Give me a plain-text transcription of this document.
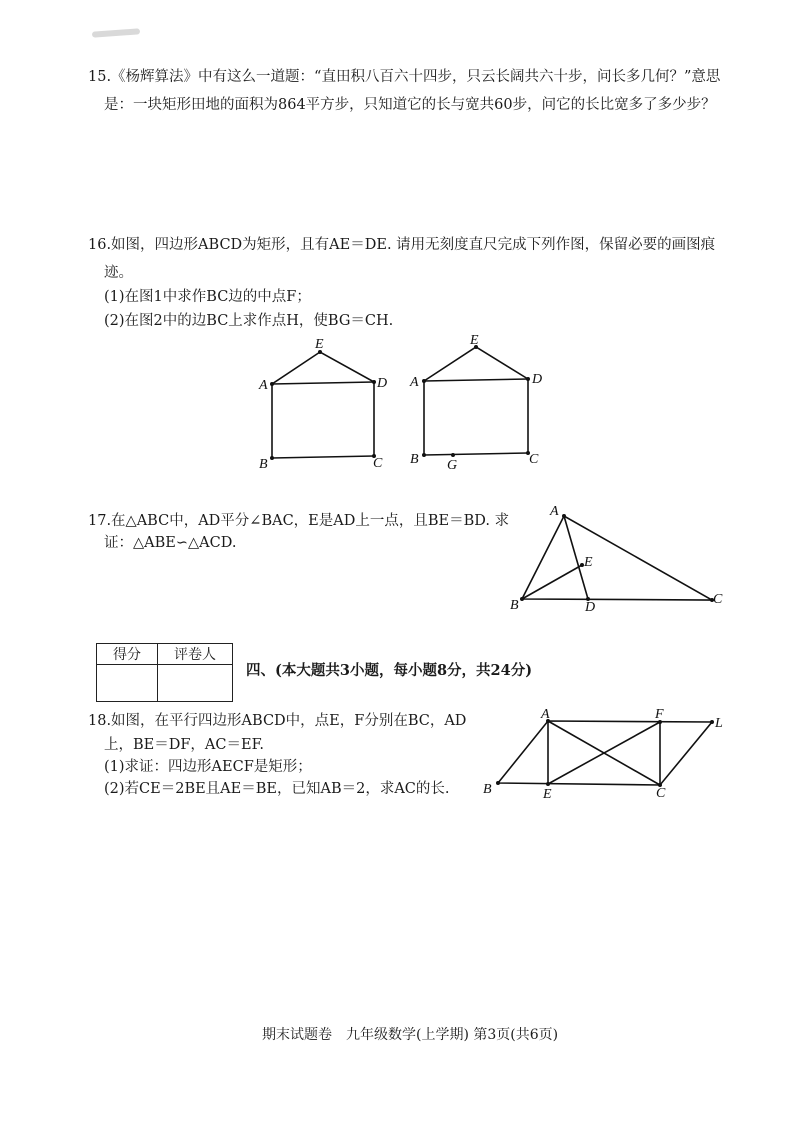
15.《杨辉算法》中有这么一道题：“直田积八百六十四步，只云长阔共六十步，问长多几何？”意思
是：一块矩形田地的面积为864平方步，只知道它的长与宽共60步，问它的长比宽多了多少步？
16.如图，四边形ABCD为矩形，且有AE＝DE. 请用无刻度直尺完成下列作图，保留必要的画图痕
迹。
(1)在图1中求作BC边的中点F；
(2)在图2中的边BC上求作点H，使BG＝CH.
E
A	D
B	C
E
A	D
B G	C
17.在△ABC中，AD平分∠BAC，E是AD上一点，且BE＝BD. 求
证：△ABE∽△ACD.
A
E
B	D
C
得分	评卷人

四、(本大题共3小题，每小题8分，共24分)
18.如图，在平行四边形ABCD中，点E，F分别在BC，AD
上，BE＝DF，AC＝EF.
(1)求证：四边形AECF是矩形；
(2)若CE＝2BE且AE＝BE，已知AB＝2，求AC的长.
A	F
L
B	E	C
期末试题卷　九年级数学(上学期) 第3页(共6页)
